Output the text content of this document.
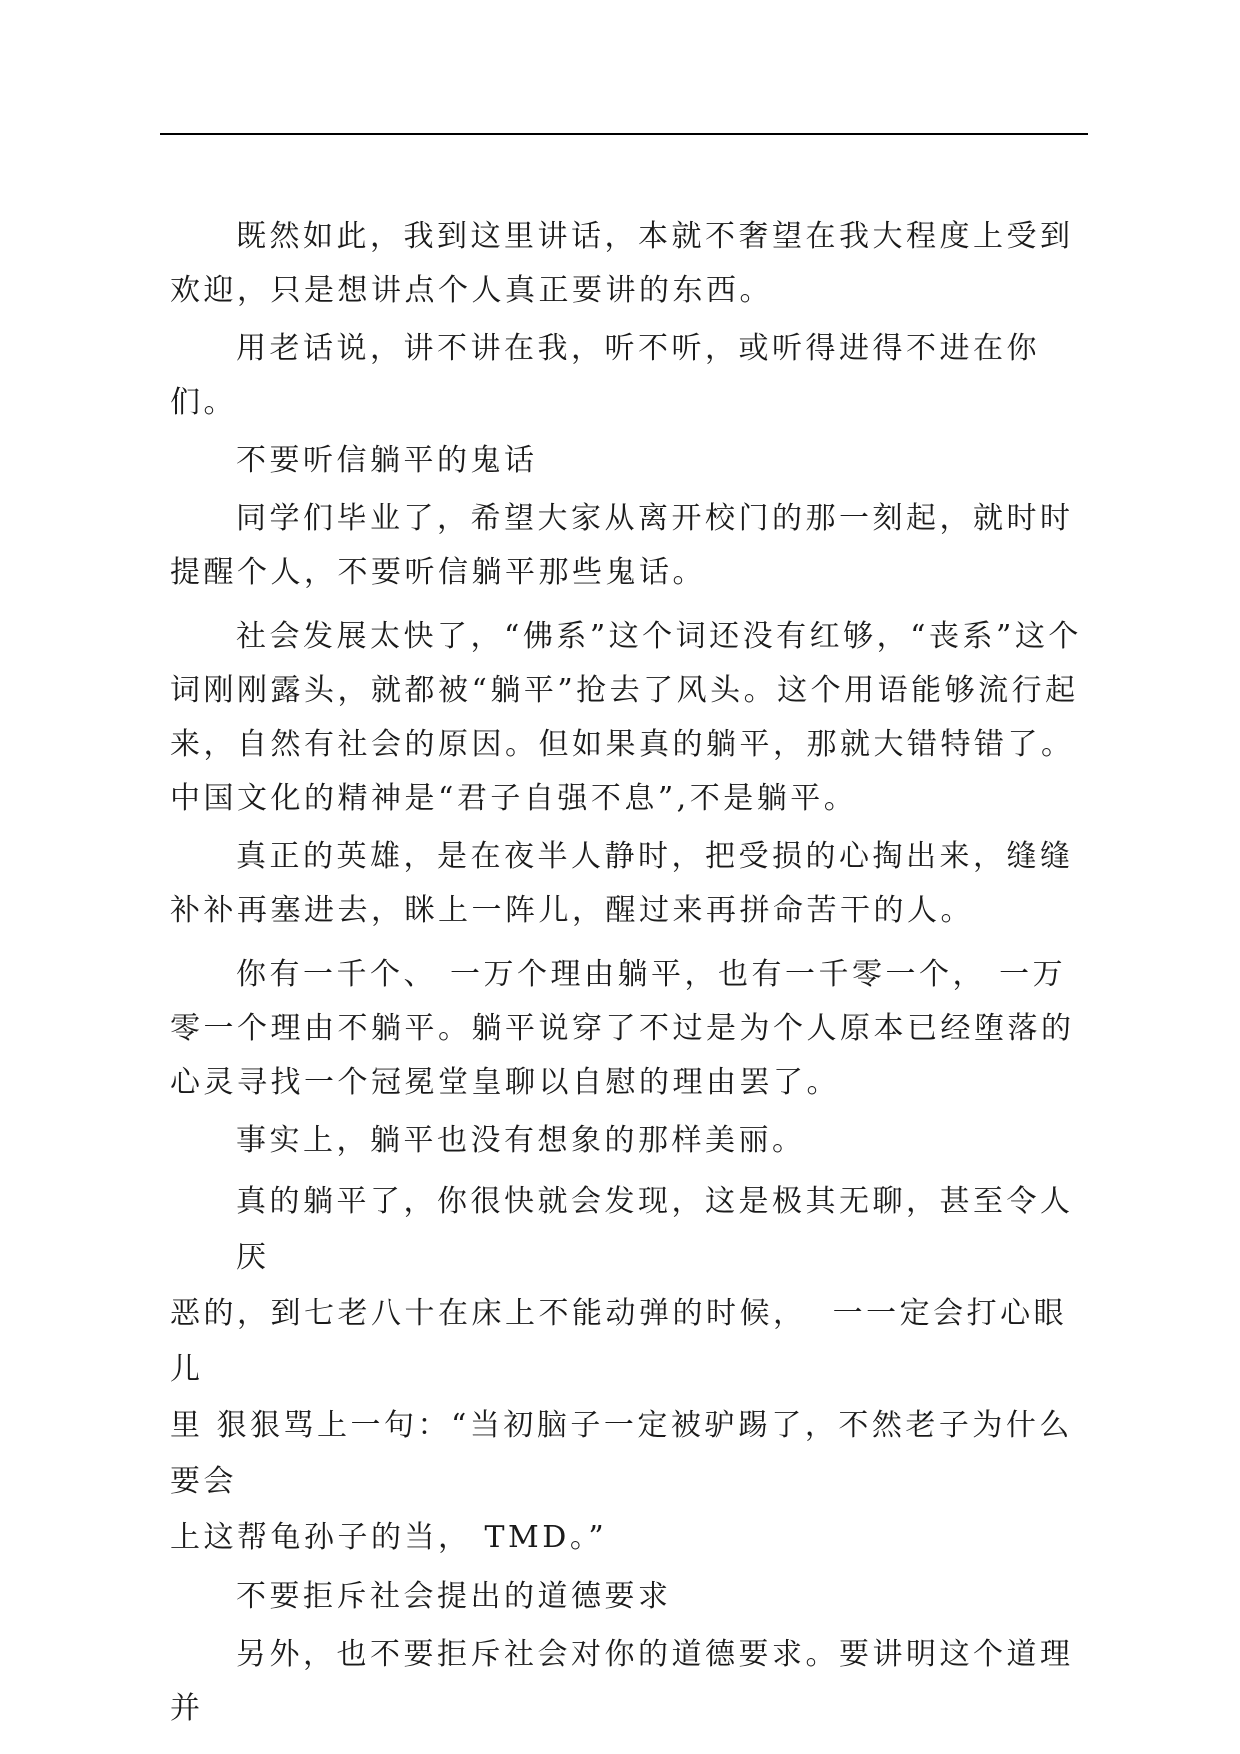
既然如此，我到这里讲话，本就不奢望在我大程度上受到欢迎，只是想讲点个人真正要讲的东西。

用老话说，讲不讲在我，听不听，或听得进得不进在你们。

不要听信躺平的鬼话

同学们毕业了，希望大家从离开校门的那一刻起，就时时提醒个人，不要听信躺平那些鬼话。

社会发展太快了，“佛系”这个词还没有红够，“丧系”这个词刚刚露头，就都被“躺平”抢去了风头。这个用语能够流行起来，自然有社会的原因。但如果真的躺平，那就大错特错了。中国文化的精神是“君子自强不息”,不是躺平。

真正的英雄，是在夜半人静时，把受损的心掏出来，缝缝补补再塞进去，眯上一阵儿，醒过来再拼命苦干的人。

你有一千个、 一万个理由躺平，也有一千零一个， 一万零一个理由不躺平。躺平说穿了不过是为个人原本已经堕落的心灵寻找一个冠冕堂皇聊以自慰的理由罢了。

事实上，躺平也没有想象的那样美丽。

真的躺平了，你很快就会发现，这是极其无聊，甚至令人厌

恶的，到七老八十在床上不能动弹的时候，  一一定会打心眼儿

里 狠狠骂上一句：“当初脑子一定被驴踢了，不然老子为什么

要会

上这帮龟孙子的当， TMD。”

不要拒斥社会提出的道德要求

另外，也不要拒斥社会对你的道德要求。要讲明这个道理并
